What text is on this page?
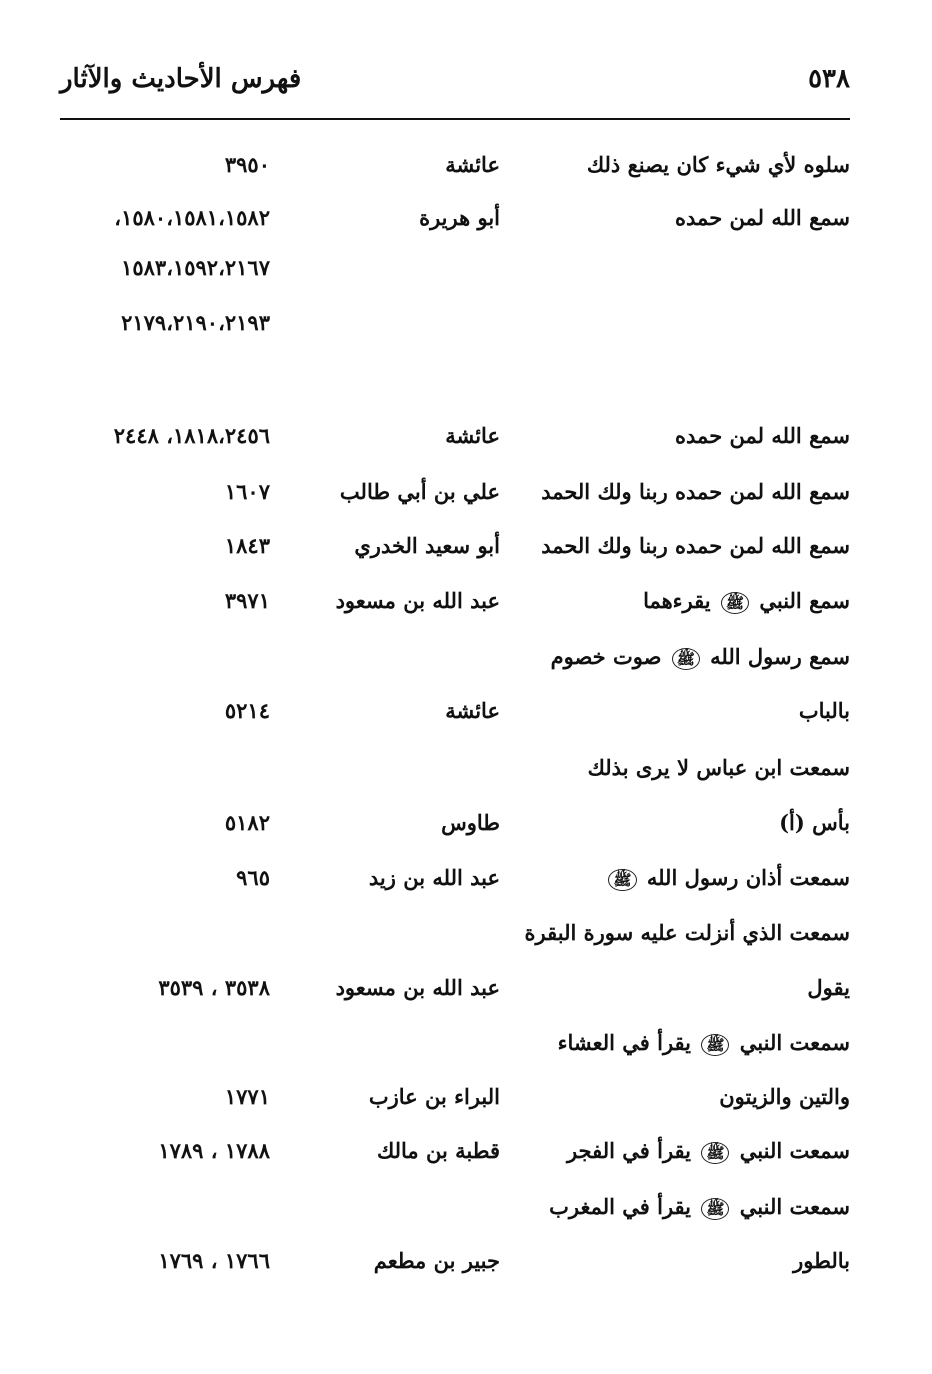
٥٣٨
فهرس الأحاديث والآثار
سلوه لأي شيء كان يصنع ذلك
عائشة
٣٩٥٠
سمع الله لمن حمده
أبو هريرة
١٥٨٠،١٥٨١،١٥٨٢،
١٥٨٣،١٥٩٢،٢١٦٧
٢١٧٩،٢١٩٠،٢١٩٣
سمع الله لمن حمده
عائشة
١٨١٨،٢٤٥٦، ٢٤٤٨
سمع الله لمن حمده ربنا ولك الحمد
علي بن أبي طالب
١٦٠٧
سمع الله لمن حمده ربنا ولك الحمد
أبو سعيد الخدري
١٨٤٣
سمع النبي ﷺ يقرءهما
عبد الله بن مسعود
٣٩٧١
سمع رسول الله ﷺ صوت خصوم
بالباب
عائشة
٥٢١٤
سمعت ابن عباس لا يرى بذلك
بأس (أ)
طاوس
٥١٨٢
سمعت أذان رسول الله ﷺ
عبد الله بن زيد
٩٦٥
سمعت الذي أنزلت عليه سورة البقرة
يقول
عبد الله بن مسعود
٣٥٣٨ ، ٣٥٣٩
سمعت النبي ﷺ يقرأ في العشاء
والتين والزيتون
البراء بن عازب
١٧٧١
سمعت النبي ﷺ يقرأ في الفجر
قطبة بن مالك
١٧٨٨ ، ١٧٨٩
سمعت النبي ﷺ يقرأ في المغرب
بالطور
جبير بن مطعم
١٧٦٦ ، ١٧٦٩
